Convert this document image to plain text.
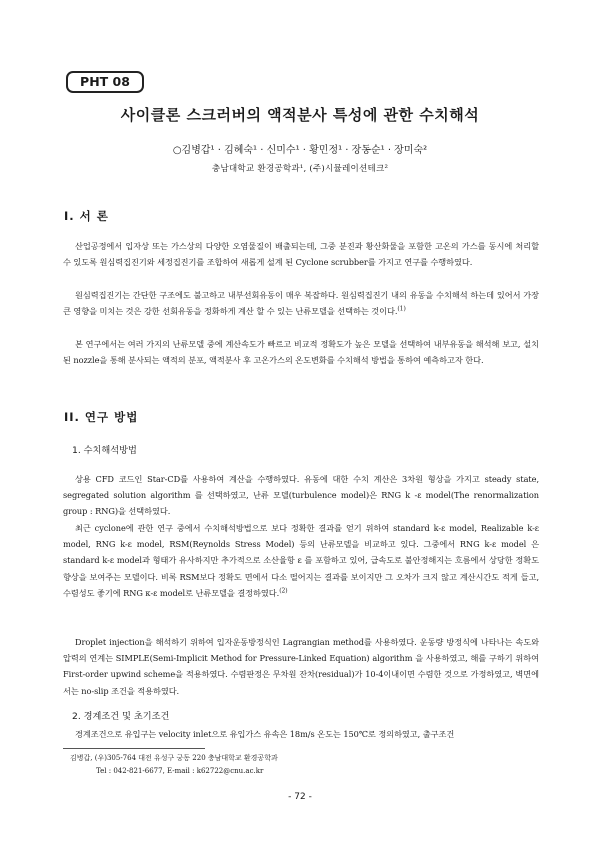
PHT 08
사이클론 스크러버의 액적분사 특성에 관한 수치해석
○김병갑¹ · 김혜숙¹ · 신미수¹ · 황민정¹ · 장동순¹ · 장미숙²
충남대학교 환경공학과¹, (주)시뮬레이션테크²
I. 서 론

산업공정에서 입자상 또는 가스상의 다양한 오염물질이 배출되는데, 그중 분진과 황산화물을 포함한 고온의 가스를 동시에 처리할 수 있도록 원심력집진기와 세정집진기를 조합하여 새롭게 설계 된 Cyclone scrubber를 가지고 연구를 수행하였다.

원심력집진기는 간단한 구조에도 불고하고 내부선회유동이 매우 복잡하다. 원심력집진기 내의 유동을 수치해석 하는데 있어서 가장 큰 영향을 미치는 것은 강한 선회유동을 정화하게 계산 할 수 있는 난류모델을 선택하는 것이다.$^{(1)}$

본 연구에서는 여러 가지의 난류모델 중에 계산속도가 빠르고 비교적 정확도가 높은 모델을 선택하여 내부유동을 해석해 보고, 설치된 nozzle을 통해 분사되는 액적의 분포, 액적분사 후 고온가스의 온도변화를 수치해석 방법을 통하여 예측하고자 한다.

II. 연구 방법
1. 수치해석방법

상용 CFD 코드인 Star-CD를 사용하여 계산을 수행하였다. 유동에 대한 수치 계산은 3차원 형상을 가지고 steady state, segregated solution algorithm 를 선택하였고, 난류 모델(turbulence model)은 RNG k -ε model(The renormalization group : RNG)을 선택하였다.

최근 cyclone에 관한 연구 중에서 수치해석방법으로 보다 정확한 결과를 얻기 위하여 standard k-ε model, Realizable k-ε model, RNG k-ε model, RSM(Reynolds Stress Model) 등의 난류모델을 비교하고 있다. 그중에서 RNG k-ε model 은 standard k-ε model과 형태가 유사하지만 추가적으로 소산율항 ε 를 포함하고 있어, 급속도로 불안정해지는 흐름에서 상당한 정확도 향상을 보여주는 모델이다. 비록 RSM보다 정확도 면에서 다소 떨어지는 결과를 보이지만 그 오차가 크지 않고 계산시간도 적게 들고, 수렴성도 좋기에 RNG κ-ε model로 난류모델을 결정하였다.$^{(2)}$

Droplet injection을 해석하기 위하여 입자운동방정식인 Lagrangian method를 사용하였다. 운동량 방정식에 나타나는 속도와 압력의 연계는 SIMPLE(Semi-Implicit Method for Pressure-Linked Equation) algorithm 을 사용하였고, 해를 구하기 위하여 First-order upwind scheme을 적용하였다. 수렴판정은 무차원 잔차(residual)가 10-4이내이면 수렴한 것으로 가정하였고, 벽면에서는 no-slip 조건을 적용하였다.

2. 경계조건 및 초기조건

경계조건으로 유입구는 velocity inlet으로 유입가스 유속은 18m/s 온도는 150℃로 정의하였고, 출구조건

김병갑, (우)305-764 대전 유성구 궁동 220 충남대학교 환경공학과
Tel : 042-821-6677, E-mail : k62722@cnu.ac.kr
- 72 -
